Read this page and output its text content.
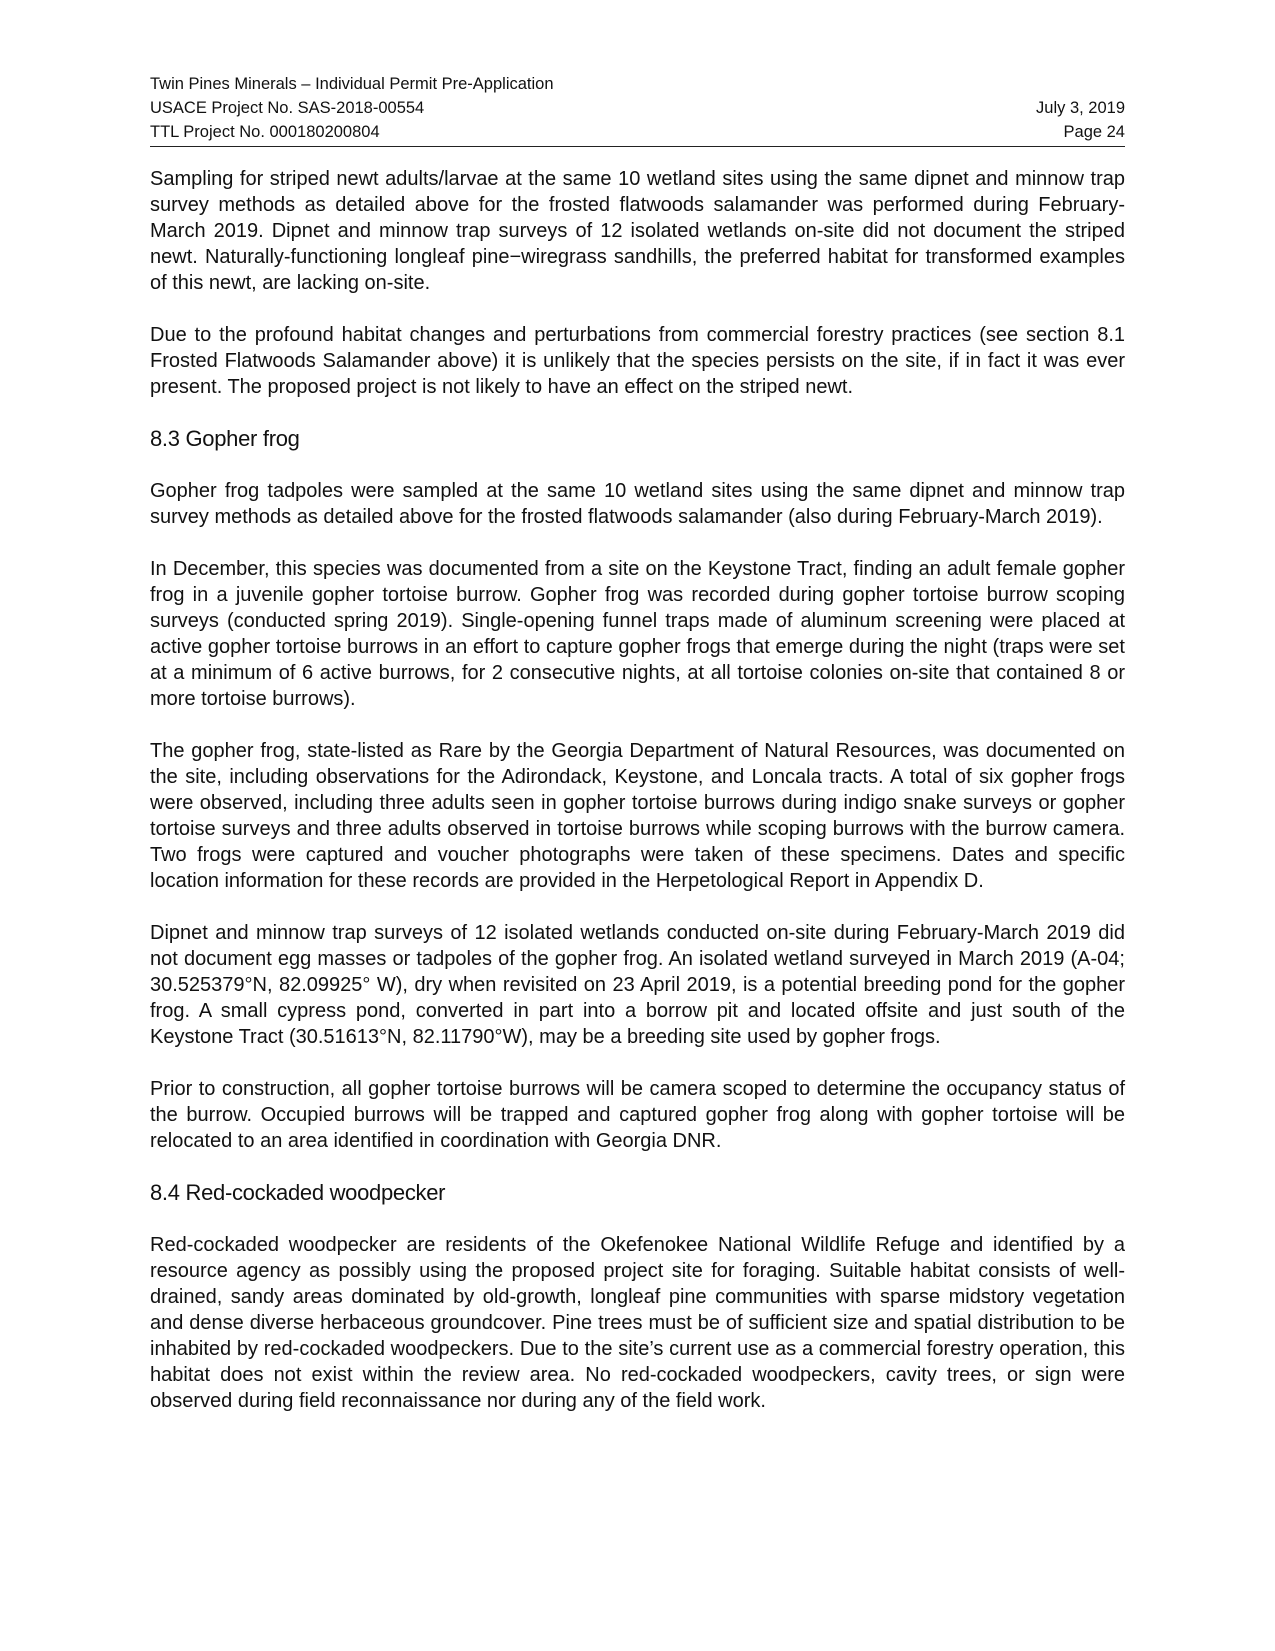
Twin Pines Minerals – Individual Permit Pre-Application
USACE Project No. SAS-2018-00554	July 3, 2019
TTL Project No. 000180200804	Page 24

Sampling for striped newt adults/larvae at the same 10 wetland sites using the same dipnet and minnow trap survey methods as detailed above for the frosted flatwoods salamander was performed during February-March 2019. Dipnet and minnow trap surveys of 12 isolated wetlands on-site did not document the striped newt. Naturally-functioning longleaf pine−wiregrass sandhills, the preferred habitat for transformed examples of this newt, are lacking on-site.

Due to the profound habitat changes and perturbations from commercial forestry practices (see section 8.1 Frosted Flatwoods Salamander above) it is unlikely that the species persists on the site, if in fact it was ever present. The proposed project is not likely to have an effect on the striped newt.

8.3 Gopher frog

Gopher frog tadpoles were sampled at the same 10 wetland sites using the same dipnet and minnow trap survey methods as detailed above for the frosted flatwoods salamander (also during February-March 2019).

In December, this species was documented from a site on the Keystone Tract, finding an adult female gopher frog in a juvenile gopher tortoise burrow. Gopher frog was recorded during gopher tortoise burrow scoping surveys (conducted spring 2019). Single-opening funnel traps made of aluminum screening were placed at active gopher tortoise burrows in an effort to capture gopher frogs that emerge during the night (traps were set at a minimum of 6 active burrows, for 2 consecutive nights, at all tortoise colonies on-site that contained 8 or more tortoise burrows).

The gopher frog, state-listed as Rare by the Georgia Department of Natural Resources, was documented on the site, including observations for the Adirondack, Keystone, and Loncala tracts. A total of six gopher frogs were observed, including three adults seen in gopher tortoise burrows during indigo snake surveys or gopher tortoise surveys and three adults observed in tortoise burrows while scoping burrows with the burrow camera. Two frogs were captured and voucher photographs were taken of these specimens. Dates and specific location information for these records are provided in the Herpetological Report in Appendix D.

Dipnet and minnow trap surveys of 12 isolated wetlands conducted on-site during February-March 2019 did not document egg masses or tadpoles of the gopher frog. An isolated wetland surveyed in March 2019 (A-04; 30.525379°N, 82.09925° W), dry when revisited on 23 April 2019, is a potential breeding pond for the gopher frog. A small cypress pond, converted in part into a borrow pit and located offsite and just south of the Keystone Tract (30.51613°N, 82.11790°W), may be a breeding site used by gopher frogs.

Prior to construction, all gopher tortoise burrows will be camera scoped to determine the occupancy status of the burrow. Occupied burrows will be trapped and captured gopher frog along with gopher tortoise will be relocated to an area identified in coordination with Georgia DNR.

8.4 Red-cockaded woodpecker

Red-cockaded woodpecker are residents of the Okefenokee National Wildlife Refuge and identified by a resource agency as possibly using the proposed project site for foraging. Suitable habitat consists of well-drained, sandy areas dominated by old-growth, longleaf pine communities with sparse midstory vegetation and dense diverse herbaceous groundcover. Pine trees must be of sufficient size and spatial distribution to be inhabited by red-cockaded woodpeckers. Due to the site’s current use as a commercial forestry operation, this habitat does not exist within the review area. No red-cockaded woodpeckers, cavity trees, or sign were observed during field reconnaissance nor during any of the field work.
